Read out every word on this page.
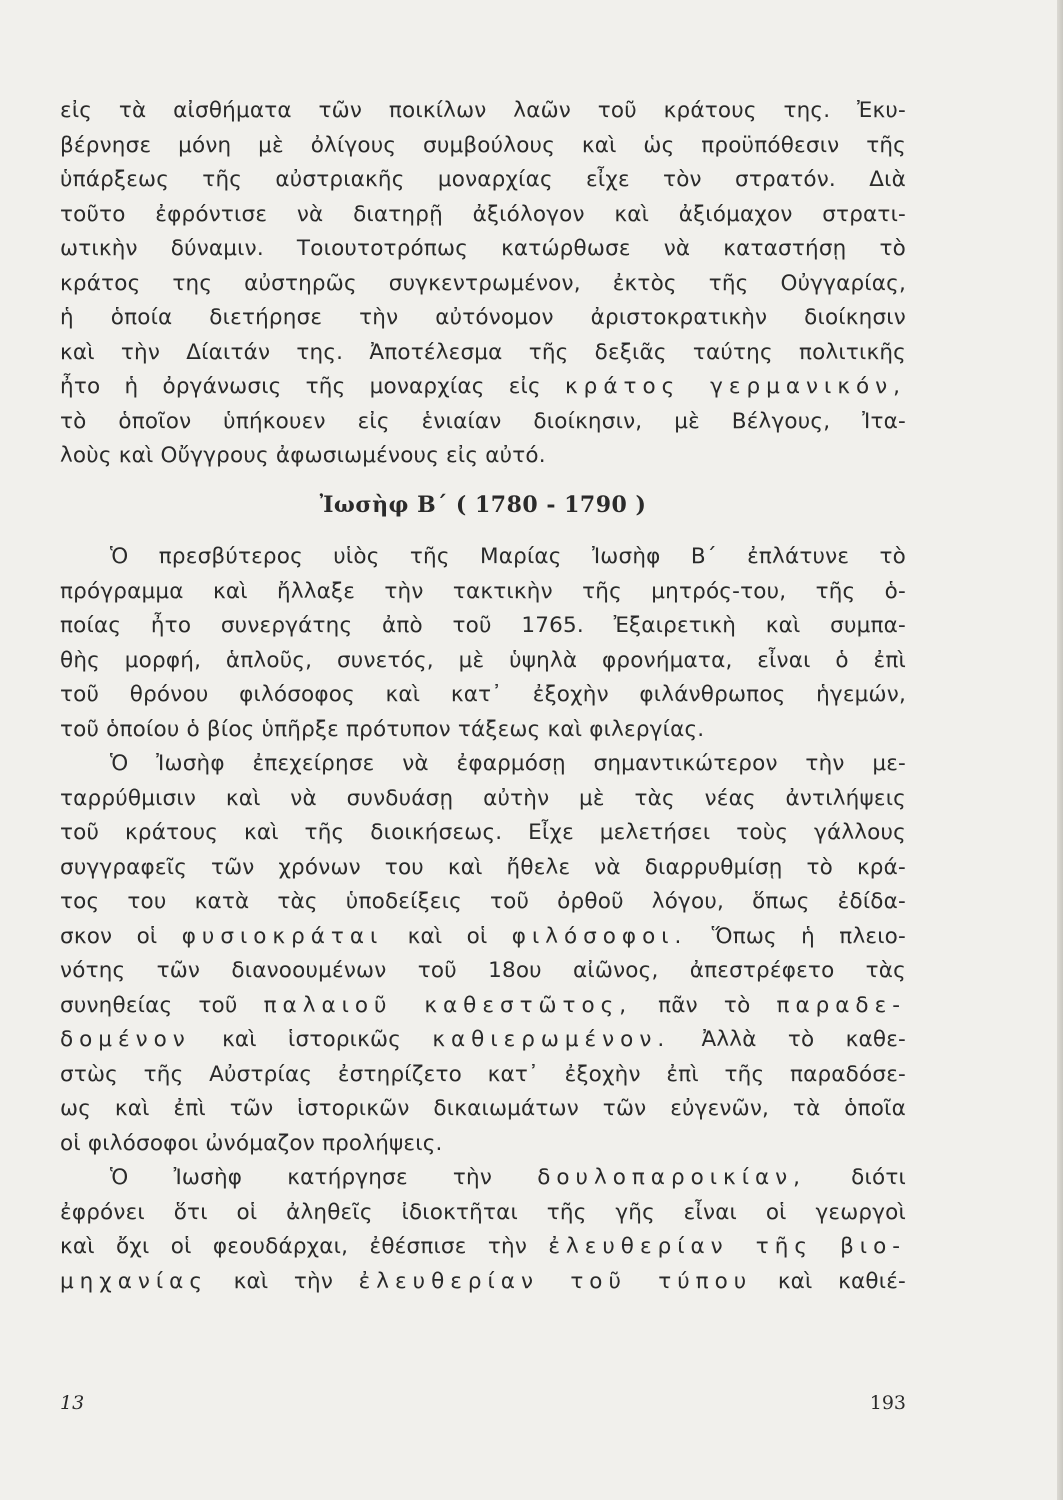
εἰς τὰ αἰσθήματα τῶν ποικίλων λαῶν τοῦ κράτους της. Ἐκυ-
βέρνησε μόνη μὲ ὀλίγους συμβούλους καὶ ὡς προϋπόθεσιν τῆς
ὑπάρξεως τῆς αὐστριακῆς μοναρχίας εἶχε τὸν στρατόν. Διὰ
τοῦτο ἐφρόντισε νὰ διατηρῇ ἀξιόλογον καὶ ἀξιόμαχον στρατι-
ωτικὴν δύναμιν. Τοιουτοτρόπως κατώρθωσε νὰ καταστήσῃ τὸ
κράτος της αὐστηρῶς συγκεντρωμένον, ἐκτὸς τῆς Οὐγγαρίας,
ἡ ὁποία διετήρησε τὴν αὐτόνομον ἀριστοκρατικὴν διοίκησιν
καὶ τὴν Δίαιτάν της. Ἀποτέλεσμα τῆς δεξιᾶς ταύτης πολιτικῆς
ἦτο ἡ ὀργάνωσις τῆς μοναρχίας εἰς κράτος γερμανικόν,
τὸ ὁποῖον ὑπήκουεν εἰς ἑνιαίαν διοίκησιν, μὲ Βέλγους, Ἰτα-
λοὺς καὶ Οὔγγρους ἀφωσιωμένους εἰς αὐτό.
Ἰωσὴφ Β΄ ( 1780 - 1790 )
Ὁ πρεσβύτερος υἱὸς τῆς Μαρίας Ἰωσὴφ Β΄ ἐπλάτυνε τὸ
πρόγραμμα καὶ ἤλλαξε τὴν τακτικὴν τῆς μητρός-του, τῆς ὁ-
ποίας ἦτο συνεργάτης ἀπὸ τοῦ 1765. Ἐξαιρετικὴ καὶ συμπα-
θὴς μορφή, ἁπλοῦς, συνετός, μὲ ὑψηλὰ φρονήματα, εἶναι ὁ ἐπὶ
τοῦ θρόνου φιλόσοφος καὶ κατ᾽ ἐξοχὴν φιλάνθρωπος ἡγεμών,
τοῦ ὁποίου ὁ βίος ὑπῆρξε πρότυπον τάξεως καὶ φιλεργίας.
Ὁ Ἰωσὴφ ἐπεχείρησε νὰ ἐφαρμόσῃ σημαντικώτερον τὴν με-
ταρρύθμισιν καὶ νὰ συνδυάσῃ αὐτὴν μὲ τὰς νέας ἀντιλήψεις
τοῦ κράτους καὶ τῆς διοικήσεως. Εἶχε μελετήσει τοὺς γάλλους
συγγραφεῖς τῶν χρόνων του καὶ ἤθελε νὰ διαρρυθμίσῃ τὸ κρά-
τος του κατὰ τὰς ὑποδείξεις τοῦ ὀρθοῦ λόγου, ὅπως ἐδίδα-
σκον οἱ φυσιοκράται καὶ οἱ φιλόσοφοι. Ὅπως ἡ πλειο-
νότης τῶν διανοουμένων τοῦ 18ου αἰῶνος, ἀπεστρέφετο τὰς
συνηθείας τοῦ παλαιοῦ καθεστῶτος, πᾶν τὸ παραδε-
δομένον καὶ ἱστορικῶς καθιερωμένον. Ἀλλὰ τὸ καθε-
στὼς τῆς Αὐστρίας ἐστηρίζετο κατ᾽ ἐξοχὴν ἐπὶ τῆς παραδόσε-
ως καὶ ἐπὶ τῶν ἱστορικῶν δικαιωμάτων τῶν εὐγενῶν, τὰ ὁποῖα
οἱ φιλόσοφοι ὠνόμαζον προλήψεις.
Ὁ Ἰωσὴφ κατήργησε τὴν δουλοπαροικίαν, διότι
ἐφρόνει ὅτι οἱ ἀληθεῖς ἰδιοκτῆται τῆς γῆς εἶναι οἱ γεωργοὶ
καὶ ὄχι οἱ φεουδάρχαι, ἐθέσπισε τὴν ἐλευθερίαν τῆς βιο-
μηχανίας καὶ τὴν ἐλευθερίαν τοῦ τύπου καὶ καθιέ-
13	193
